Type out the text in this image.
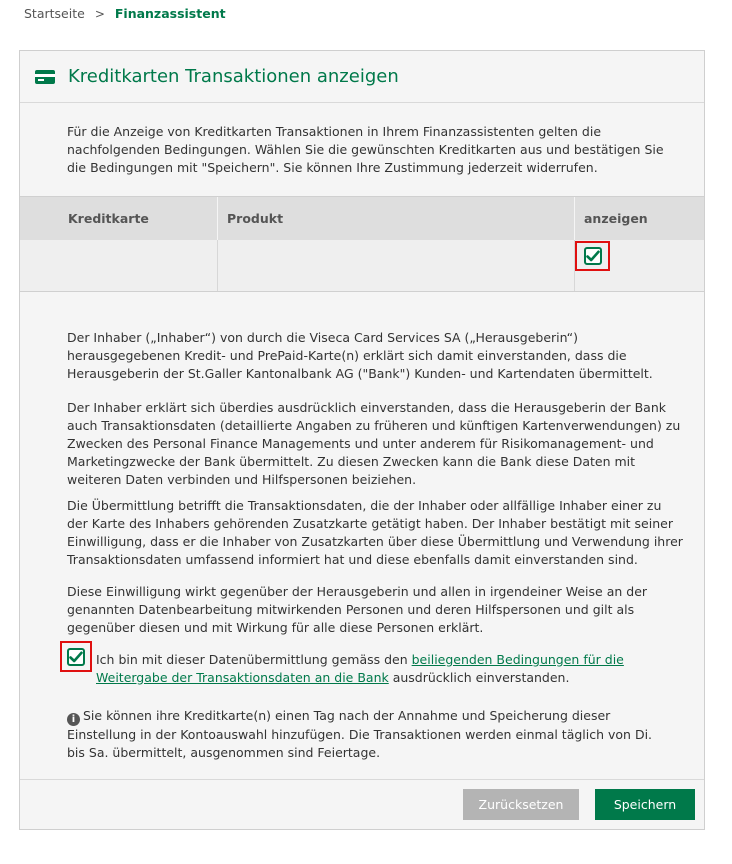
Startseite > Finanzassistent
Kreditkarten Transaktionen anzeigen
Für die Anzeige von Kreditkarten Transaktionen in Ihrem Finanzassistenten gelten die nachfolgenden Bedingungen. Wählen Sie die gewünschten Kreditkarten aus und bestätigen Sie die Bedingungen mit "Speichern". Sie können Ihre Zustimmung jederzeit widerrufen.
Kreditkarte	Produkt	anzeigen

Der Inhaber („Inhaber“) von durch die Viseca Card Services SA („Herausgeberin“) herausgegebenen Kredit- und PrePaid-Karte(n) erklärt sich damit einverstanden, dass die Herausgeberin der St.Galler Kantonalbank AG ("Bank") Kunden- und Kartendaten übermittelt.

Der Inhaber erklärt sich überdies ausdrücklich einverstanden, dass die Herausgeberin der Bank auch Transaktionsdaten (detaillierte Angaben zu früheren und künftigen Kartenverwendungen) zu Zwecken des Personal Finance Managements und unter anderem für Risikomanagement- und Marketingzwecke der Bank übermittelt. Zu diesen Zwecken kann die Bank diese Daten mit weiteren Daten verbinden und Hilfspersonen beiziehen.

Die Übermittlung betrifft die Transaktionsdaten, die der Inhaber oder allfällige Inhaber einer zu der Karte des Inhabers gehörenden Zusatzkarte getätigt haben. Der Inhaber bestätigt mit seiner Einwilligung, dass er die Inhaber von Zusatzkarten über diese Übermittlung und Verwendung ihrer Transaktionsdaten umfassend informiert hat und diese ebenfalls damit einverstanden sind.

Diese Einwilligung wirkt gegenüber der Herausgeberin und allen in irgendeiner Weise an der genannten Datenbearbeitung mitwirkenden Personen und deren Hilfspersonen und gilt als gegenüber diesen und mit Wirkung für alle diese Personen erklärt.

Ich bin mit dieser Datenübermittlung gemäss den beiliegenden Bedingungen für die Weitergabe der Transaktionsdaten an die Bank ausdrücklich einverstanden.
i Sie können ihre Kreditkarte(n) einen Tag nach der Annahme und Speicherung dieser Einstellung in der Kontoauswahl hinzufügen. Die Transaktionen werden einmal täglich von Di. bis Sa. übermittelt, ausgenommen sind Feiertage.
Zurücksetzen	Speichern
